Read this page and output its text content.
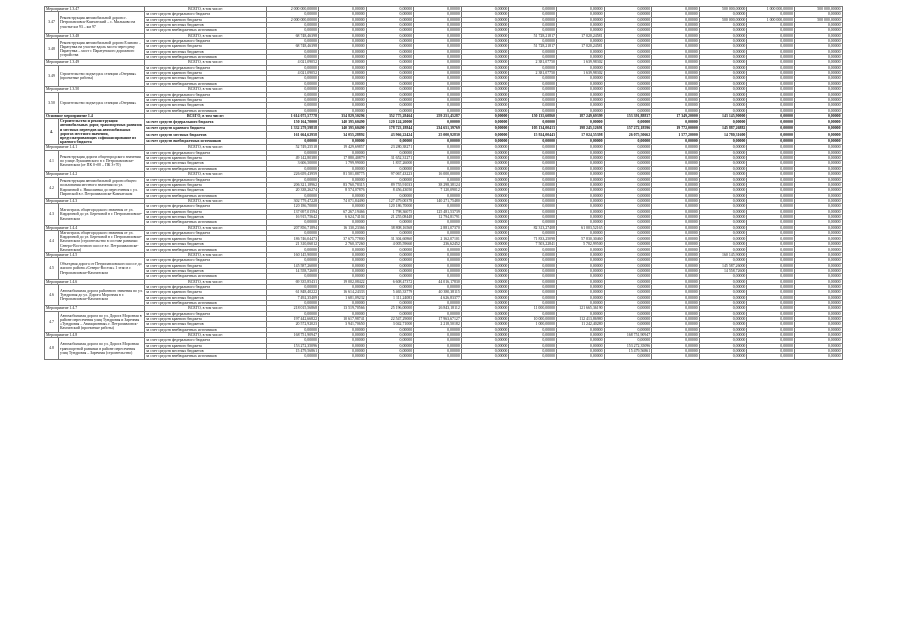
Мероприятие 1.3.47		ВСЕГО, в том числе:	2 000 000,00000	0,00000	0,00000	0,00000	0,00000	0,00000	0,00000	0,00000	0,00000	500 000,00000	1 000 000,00000	500 000,00000
3.47	Реконструкция автомобильной дороги г. Петропавловск-Камчатский – с. Мильково на участке км 93 – км 97	за счет средств федерального бюджета	0,00000	0,00000	0,00000	0,00000	0,00000	0,00000	0,00000	0,00000	0,00000	0,00000	0,00000	0,00000
		за счет средств краевого бюджета	2 000 000,00000	0,00000	0,00000	0,00000	0,00000	0,00000	0,00000	0,00000	0,00000	500 000,00000	1 000 000,00000	500 000,00000
		за счет средств местных бюджетов	0,00000	0,00000	0,00000	0,00000	0,00000	0,00000	0,00000	0,00000	0,00000	0,00000	0,00000	0,00000
		за счет средств внебюджетных источников	0,00000	0,00000	0,00000	0,00000	0,00000	0,00000	0,00000	0,00000	0,00000	0,00000	0,00000	0,00000
Мероприятие 1.3.48		ВСЕГО, в том числе:	68 748,46398	0,00000	0,00000	0,00000	0,00000	51 728,21817	17 020,24581	0,00000	0,00000	0,00000	0,00000	0,00000
3.48	Реконструкция автомобильной дороги Елизово – Паратунка на участке вдоль моста через реку Паратунка – мост с Паратунского дорожного устройства	за счет средств федерального бюджета	0,00000	0,00000	0,00000	0,00000	0,00000	0,00000	0,00000	0,00000	0,00000	0,00000	0,00000	0,00000
		за счет средств краевого бюджета	68 748,46398	0,00000	0,00000	0,00000	0,00000	51 728,21817	17 020,24581	0,00000	0,00000	0,00000	0,00000	0,00000
		за счет средств местных бюджетов	0,00000	0,00000	0,00000	0,00000	0,00000	0,00000	0,00000	0,00000	0,00000	0,00000	0,00000	0,00000
		за счет средств внебюджетных источников	0,00000	0,00000	0,00000	0,00000	0,00000	0,00000	0,00000	0,00000	0,00000	0,00000	0,00000	0,00000
Мероприятие 1.3.49		ВСЕГО, в том числе:	4 021,09052	0,00000	0,00000	0,00000	0,00000	2 381,07750	1 639,98302	0,00000	0,00000	0,00000	0,00000	0,00000
3.49	Строительство подъезда к станции «Озерная» (проектные работы)	за счет средств федерального бюджета	0,00000	0,00000	0,00000	0,00000	0,00000	0,00000	0,00000	0,00000	0,00000	0,00000	0,00000	0,00000
		за счет средств краевого бюджета	4 021,09052	0,00000	0,00000	0,00000	0,00000	2 381,07750	1 639,98302	0,00000	0,00000	0,00000	0,00000	0,00000
		за счет средств местных бюджетов	0,00000	0,00000	0,00000	0,00000	0,00000	0,00000	0,00000	0,00000	0,00000	0,00000	0,00000	0,00000
		за счет средств внебюджетных источников	0,00000	0,00000	0,00000	0,00000	0,00000	0,00000	0,00000	0,00000	0,00000	0,00000	0,00000	0,00000
Мероприятие 1.3.50		ВСЕГО, в том числе:	0,00000	0,00000	0,00000	0,00000	0,00000	0,00000	0,00000	0,00000	0,00000	0,00000	0,00000	0,00000
3.50	Строительство подъезда к станции «Озерная»	за счет средств федерального бюджета	0,00000	0,00000	0,00000	0,00000	0,00000	0,00000	0,00000	0,00000	0,00000	0,00000	0,00000	0,00000
		за счет средств краевого бюджета	0,00000	0,00000	0,00000	0,00000	0,00000	0,00000	0,00000	0,00000	0,00000	0,00000	0,00000	0,00000
		за счет средств местных бюджетов	0,00000	0,00000	0,00000	0,00000	0,00000	0,00000	0,00000	0,00000	0,00000	0,00000	0,00000	0,00000
		за счет средств внебюджетных источников	0,00000	0,00000	0,00000	0,00000	0,00000	0,00000	0,00000	0,00000	0,00000	0,00000	0,00000	0,00000
Основное мероприятие 1.4		ВСЕГО, в том числе:	1 614 075,57778	354 829,50296	352 775,28464	259 251,45287	0,00000	150 135,60860	187 249,69399	153 391,88837	17 349,20000	143 145,90000	0,00000	0,00000
4.	Строительство и реконструкция автомобильных дорог, транспортных развязок и местных переездов на автомобильных дорогах местного значения, предусматривающих софинансирование из краевого бюджета	за счет средств федерального бюджета	150 164,70000	140 395,60490	120 124,20000	0,00000	0,00000	0,00000	0,00000	0,00000	0,00000	0,00000	0,00000	0,00000
		за счет средств краевого бюджета	1 332 279,59818	140 395,60490	178 723,18844	234 651,39769	0,00000	105 134,00413	198 245,12691	157 272,18596	19 772,00000	145 887,26882	0,00000	0,00000
		за счет средств местных бюджетов	161 664,62958	34 055,28892	43 966,22424	25 000,92830	0,00000	15 924,00443	17 024,55398	26 075,50662	1 577,20000	14 780,31600	0,00000	0,00000
		за счет средств внебюджетных источников	0,00000	0,00000	0,00000	0,00000	0,00000	0,00000	0,00000	0,00000	0,00000	0,00000	0,00000	0,00000
Мероприятие 1.4.1		ВСЕГО, в том числе:	52 749,25518	19 429,69857	23 280,38271	0,00000	0,00000	0,00000	0,00000	0,00000	0,00000	0,00000	0,00000	0,00000
4.1	Реконструкция дороги общегородского значения по улице Лукашевского в г. Петропавловске-Камчатском (от ПК 0+00 – ПК 3+70)	за счет средств федерального бюджета	0,00000	0,00000	0,00000	0,00000	0,00000	0,00000	0,00000	0,00000	0,00000	0,00000	0,00000	0,00000
		за счет средств краевого бюджета	49 142,80380	17 880,40879	31 652,31271	0,00000	0,00000	0,00000	0,00000	0,00000	0,00000	0,00000	0,00000	0,00000
		за счет средств местных бюджетов	3 606,50000	1 799,99000	1 837,26000	0,00000	0,00000	0,00000	0,00000	0,00000	0,00000	0,00000	0,00000	0,00000
		за счет средств внебюджетных источников	0,00000	0,00000	0,00000	0,00000	0,00000	0,00000	0,00000	0,00000	0,00000	0,00000	0,00000	0,00000
Мероприятие 1.4.2		ВСЕГО, в том числе:	226 659,43959	81 501,88775	97 067,43223	16 000,00000	0,00000	0,00000	0,00000	0,00000	0,00000	0,00000	0,00000	0,00000
4.2	Реконструкция автомобильной дороги общего пользования местного значения по ул. Кирпичной с. Николаевка до пересечения с ул. Пиратской в г. Петропавловске-Камчатском	за счет средств федерального бюджета	0,00000	0,00000	0,00000	0,00000	0,00000	0,00000	0,00000	0,00000	0,00000	0,00000	0,00000	0,00000
		за счет средств краевого бюджета	206 321,18962	83 760,78315	89 755,91033	38 298,38124	0,00000	0,00000	0,00000	0,00000	0,00000	0,00000	0,00000	0,00000
		за счет средств местных бюджетов	20 338,26274	8 574,07876	8 456,43050	7 120,09012	0,00000	0,00000	0,00000	0,00000	0,00000	0,00000	0,00000	0,00000
		за счет средств внебюджетных источников	0,00000	0,00000	0,00000	0,00000	0,00000	0,00000	0,00000	0,00000	0,00000	0,00000	0,00000	0,00000
Мероприятие 1.4.3		ВСЕГО, в том числе:	302 779,47228	74 071,84490	127 479,00378	140 271,75480	0,00000	0,00000	0,00000	0,00000	0,00000	0,00000	0,00000	0,00000
4.3	Магистраль общегородского значения от ул. Кирдичной до ул. Березовой в г. Петропавловске-Камчатском	за счет средств федерального бюджета	120 186,70000	0,00000	120 186,70000	0,00000	0,00000	0,00000	0,00000	0,00000	0,00000	0,00000	0,00000	0,00000
		за счет средств краевого бюджета	137 697,01594	67 267,19466	1 798,36075	125 481,53739	0,00000	0,00000	0,00000	0,00000	0,00000	0,00000	0,00000	0,00000
		за счет средств местных бюджетов	16 915,75642	6 624,74104	21 255,08448	12 794,81791	0,00000	0,00000	0,00000	0,00000	0,00000	0,00000	0,00000	0,00000
		за счет средств внебюджетных источников	0,00000	0,00000	0,00000	0,00000	0,00000	0,00000	0,00000	0,00000	0,00000	0,00000	0,00000	0,00000
Мероприятие 1.4.4		ВСЕГО, в том числе:	207 856,71894	16 130,23366	38 808,16568	2 881,07370	0,00000	82 313,27408	61 003,52165	0,00000	0,00000	0,00000	0,00000	0,00000
4.4	Магистраль общегородского значения от ул. Кирдичной до ул. Березовой в г. Петропавловске-Камчатском (строительство в составе развязки Северо-Восточного шоссе в г. Петропавловске-Камчатском)	за счет средств федерального бюджета	0,00000	0,00000	0,00000	0,00000	0,00000	0,00000	0,00000	0,00000	0,00000	0,00000	0,00000	0,00000
		за счет средств краевого бюджета	186 746,04473	37 675,77800	31 304,60860	2 162,07101	0,00000	71 833,25098	57 830,30460	0,00000	0,00000	0,00000	0,00000	0,00000
		за счет средств местных бюджетов	21 310,06012	2 760,37260	4 005,59660	236,62452	0,00000	7 503,22841	5 702,99500	0,00000	0,00000	0,00000	0,00000	0,00000
		за счет средств внебюджетных источников	0,00000	0,00000	0,00000	0,00000	0,00000	0,00000	0,00000	0,00000	0,00000	0,00000	0,00000	0,00000
Мероприятие 1.4.5		ВСЕГО, в том числе:	160 145,90000	0,00000	0,00000	0,00000	0,00000	0,00000	0,00000	0,00000	0,00000	160 145,90000	0,00000	0,00000
4.5	Объездная дорога от Петропавловского шоссе до жилого района «Северо-Восток» 1 этап в г. Петропавловске-Камчатском	за счет средств федерального бюджета	0,00000	0,00000	0,00000	0,00000	0,00000	0,00000	0,00000	0,00000	0,00000	0,00000	0,00000	0,00000
		за счет средств краевого бюджета	145 587,26000	0,00000	0,00000	0,00000	0,00000	0,00000	0,00000	0,00000	0,00000	145 587,26000	0,00000	0,00000
		за счет средств местных бюджетов	14 558,72600	0,00000	0,00000	0,00000	0,00000	0,00000	0,00000	0,00000	0,00000	14 558,72600	0,00000	0,00000
		за счет средств внебюджетных источников	0,00000	0,00000	0,00000	0,00000	0,00000	0,00000	0,00000	0,00000	0,00000	0,00000	0,00000	0,00000
Мероприятие 1.4.6		ВСЕГО, в том числе:	69 335,85431	19 002,08422	6 608,47372	44 016,17830	0,00000	0,00000	0,00000	0,00000	0,00000	0,00000	0,00000	0,00000
4.6	Автомобильная дорога районного значения по ул. Тундровая до ул. Дорога Морозная в г. Петропавловске-Камчатском	за счет средств федерального бюджета	0,00000	0,00000	0,00000	0,00000	0,00000	0,00000	0,00000	0,00000	0,00000	0,00000	0,00000	0,00000
		за счет средств краевого бюджета	61 848,40222	16 614,24333	5 465,33779	40 380,38115	0,00000	0,00000	0,00000	0,00000	0,00000	0,00000	0,00000	0,00000
		за счет средств местных бюджетов	7 492,35409	1 681,09232	1 111,24083	4 626,83377	0,00000	0,00000	0,00000	0,00000	0,00000	0,00000	0,00000	0,00000
		за счет средств внебюджетных источников	0,00000	0,00000	0,00000	0,00000	0,00000	0,00000	0,00000	0,00000	0,00000	0,00000	0,00000	0,00000
Мероприятие 1.4.7		ВСЕГО, в том числе:	218 015,56868	13 519,70566	25 196,00000	26 843,18112	0,00000	11 000,00000	121 665,36190	0,00000	0,00000	0,00000	0,00000	0,00000
4.7	Автомобильная дорога по ул. Дорога Морозная в районе пересечения улиц Тундровая и Заречная «Тундровая – Авиационная» г. Петропавловск-Камчатский (проектные работы)	за счет средств федерального бюджета	0,00000	0,00000	0,00000	0,00000	0,00000	0,00000	0,00000	0,00000	0,00000	0,00000	0,00000	0,00000
		за счет средств краевого бюджета	197 442,66822	10 617,98741	22 547,29000	17 963,67127	0,00000	10 000,00000	112 413,86980	0,00000	0,00000	0,00000	0,00000	0,00000
		за счет средств местных бюджетов	20 572,92023	3 941,70650	3 042,71000	2 218,50182	0,00000	1 000,00000	11 242,40280	0,00000	0,00000	0,00000	0,00000	0,00000
		за счет средств внебюджетных источников	0,00000	0,00000	0,00000	0,00000	0,00000	0,00000	0,00000	0,00000	0,00000	0,00000	0,00000	0,00000
Мероприятие 1.4.8		ВСЕГО, в том числе:	168 751,90947	0,00000	0,00000	0,00000	0,00000	0,00000	0,00000	168 751,90947	0,00000	0,00000	0,00000	0,00000
4.8	Автомобильная дорога по ул. Дорога Морозная транспортной развязки в районе пересечения улиц Тундровая – Заречная (строительство)	за счет средств федерального бюджета	0,00000	0,00000	0,00000	0,00000	0,00000	0,00000	0,00000	0,00000	0,00000	0,00000	0,00000	0,00000
		за счет средств краевого бюджета	153 272,35096	0,00000	0,00000	0,00000	0,00000	0,00000	0,00000	153 272,35096	0,00000	0,00000	0,00000	0,00000
		за счет средств местных бюджетов	15 479,56861	0,00000	0,00000	0,00000	0,00000	0,00000	0,00000	15 479,56861	0,00000	0,00000	0,00000	0,00000
		за счет средств внебюджетных источников	0,00000	0,00000	0,00000	0,00000	0,00000	0,00000	0,00000	0,00000	0,00000	0,00000	0,00000	0,00000
